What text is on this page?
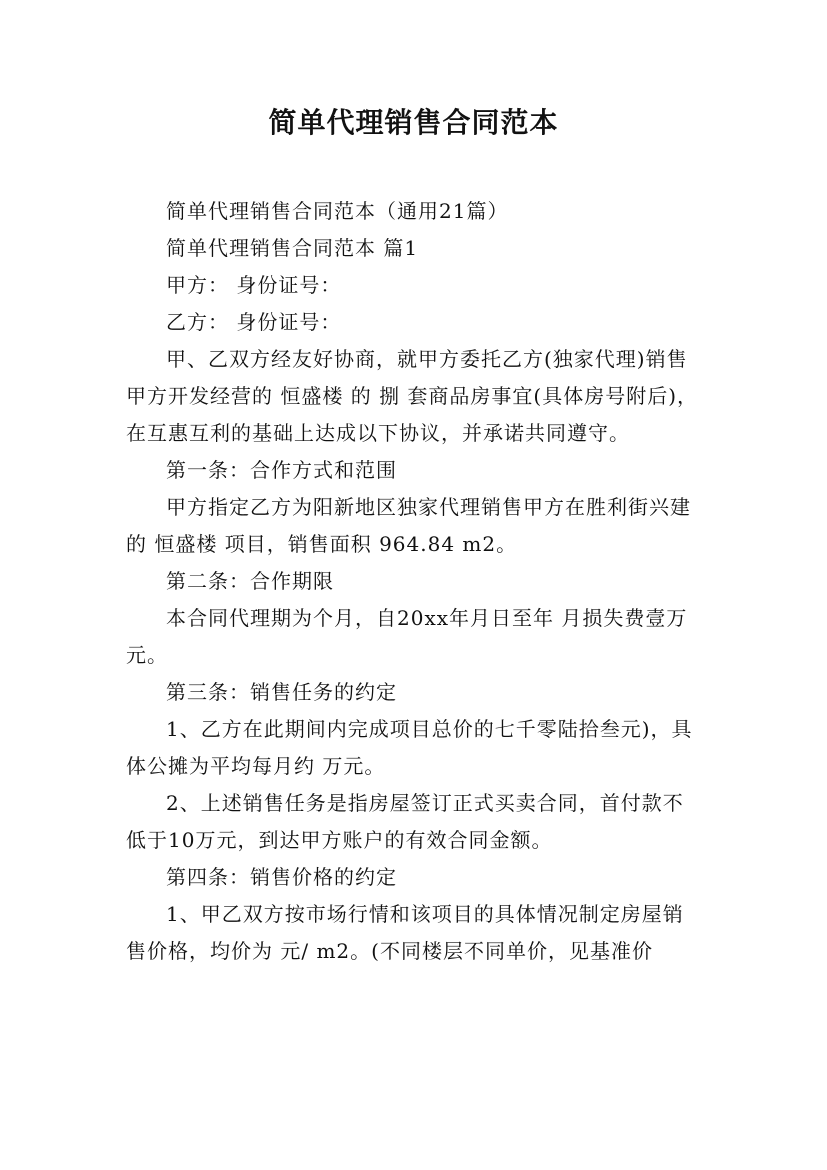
简单代理销售合同范本

简单代理销售合同范本（通用21篇）

简单代理销售合同范本 篇1

甲方： 身份证号：

乙方： 身份证号：

甲、乙双方经友好协商，就甲方委托乙方(独家代理)销售甲方开发经营的 恒盛楼 的 捌 套商品房事宜(具体房号附后)，在互惠互利的基础上达成以下协议，并承诺共同遵守。

第一条：合作方式和范围

甲方指定乙方为阳新地区独家代理销售甲方在胜利街兴建的 恒盛楼 项目，销售面积 964.84 m2。

第二条：合作期限

本合同代理期为个月，自20xx年月日至年 月损失费壹万元。

第三条：销售任务的约定

1、乙方在此期间内完成项目总价的七千零陆拾叁元)，具体公摊为平均每月约 万元。

2、上述销售任务是指房屋签订正式买卖合同，首付款不低于10万元，到达甲方账户的有效合同金额。

第四条：销售价格的约定

1、甲乙双方按市场行情和该项目的具体情况制定房屋销售价格，均价为 元/ m2。(不同楼层不同单价，见基准价
